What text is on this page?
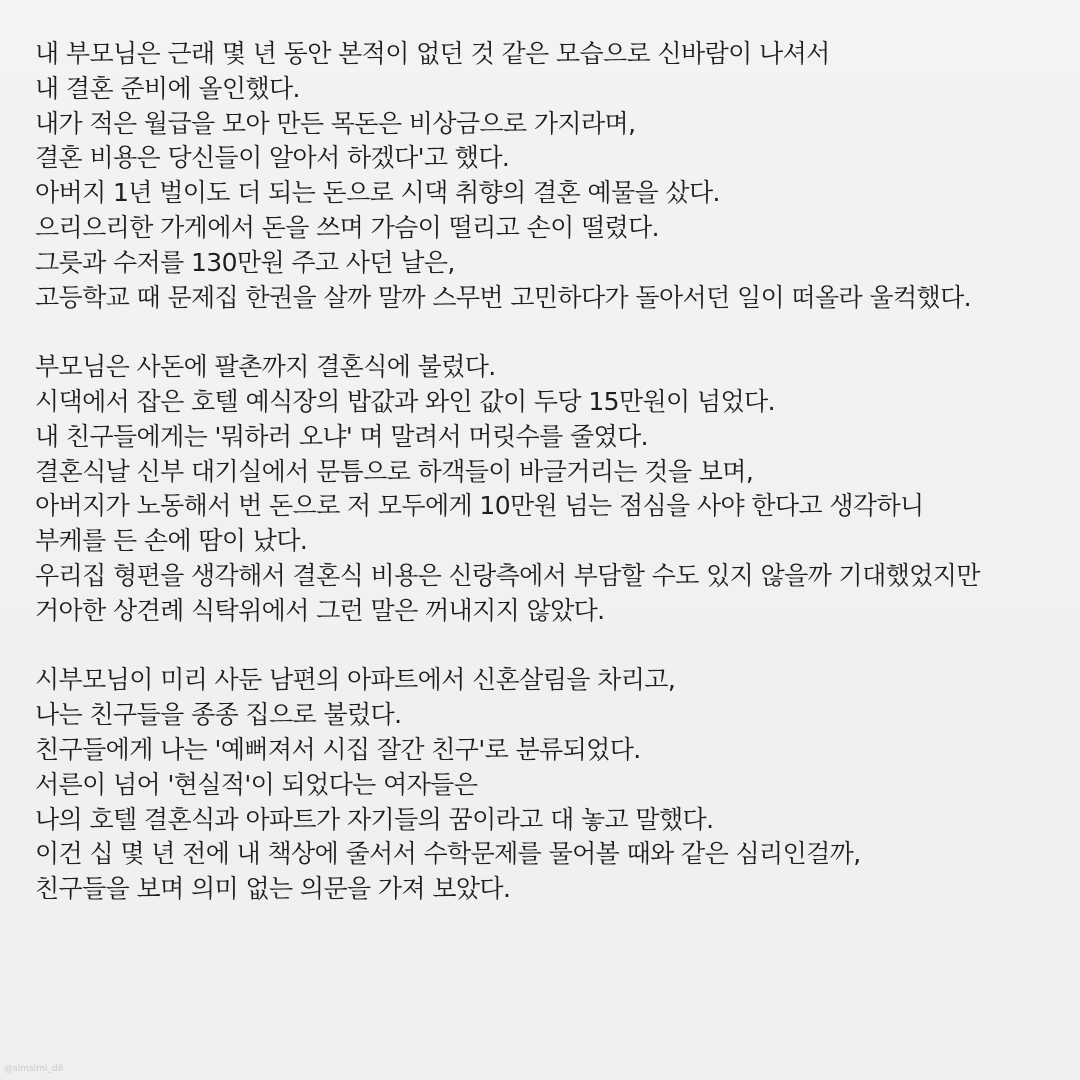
내 부모님은 근래 몇 년 동안 본적이 없던 것 같은 모습으로 신바람이 나셔서
내 결혼 준비에 올인했다.
내가 적은 월급을 모아 만든 목돈은 비상금으로 가지라며,
결혼 비용은 당신들이 알아서 하겠다'고 했다.
아버지 1년 벌이도 더 되는 돈으로 시댁 취향의 결혼 예물을 샀다.
으리으리한 가게에서 돈을 쓰며 가슴이 떨리고 손이 떨렸다.
그릇과 수저를 130만원 주고 사던 날은,
고등학교 때 문제집 한권을 살까 말까 스무번 고민하다가 돌아서던 일이 떠올라 울컥했다.
부모님은 사돈에 팔촌까지 결혼식에 불렀다.
시댁에서 잡은 호텔 예식장의 밥값과 와인 값이 두당 15만원이 넘었다.
내 친구들에게는 '뭐하러 오냐' 며 말려서 머릿수를 줄였다.
결혼식날 신부 대기실에서 문틈으로 하객들이 바글거리는 것을 보며,
아버지가 노동해서 번 돈으로 저 모두에게 10만원 넘는 점심을 사야 한다고 생각하니
부케를 든 손에 땀이 났다.
우리집 형편을 생각해서 결혼식 비용은 신랑측에서 부담할 수도 있지 않을까 기대했었지만
거아한 상견례 식탁위에서 그런 말은 꺼내지지 않았다.
시부모님이 미리 사둔 남편의 아파트에서 신혼살림을 차리고,
나는 친구들을 종종 집으로 불렀다.
친구들에게 나는 '예뻐져서 시집 잘간 친구'로 분류되었다.
서른이 넘어 '현실적'이 되었다는 여자들은
나의 호텔 결혼식과 아파트가 자기들의 꿈이라고 대 놓고 말했다.
이건 십 몇 년 전에 내 책상에 줄서서 수학문제를 물어볼 때와 같은 심리인걸까,
친구들을 보며 의미 없는 의문을 가져 보았다.
@simsimi_d8
